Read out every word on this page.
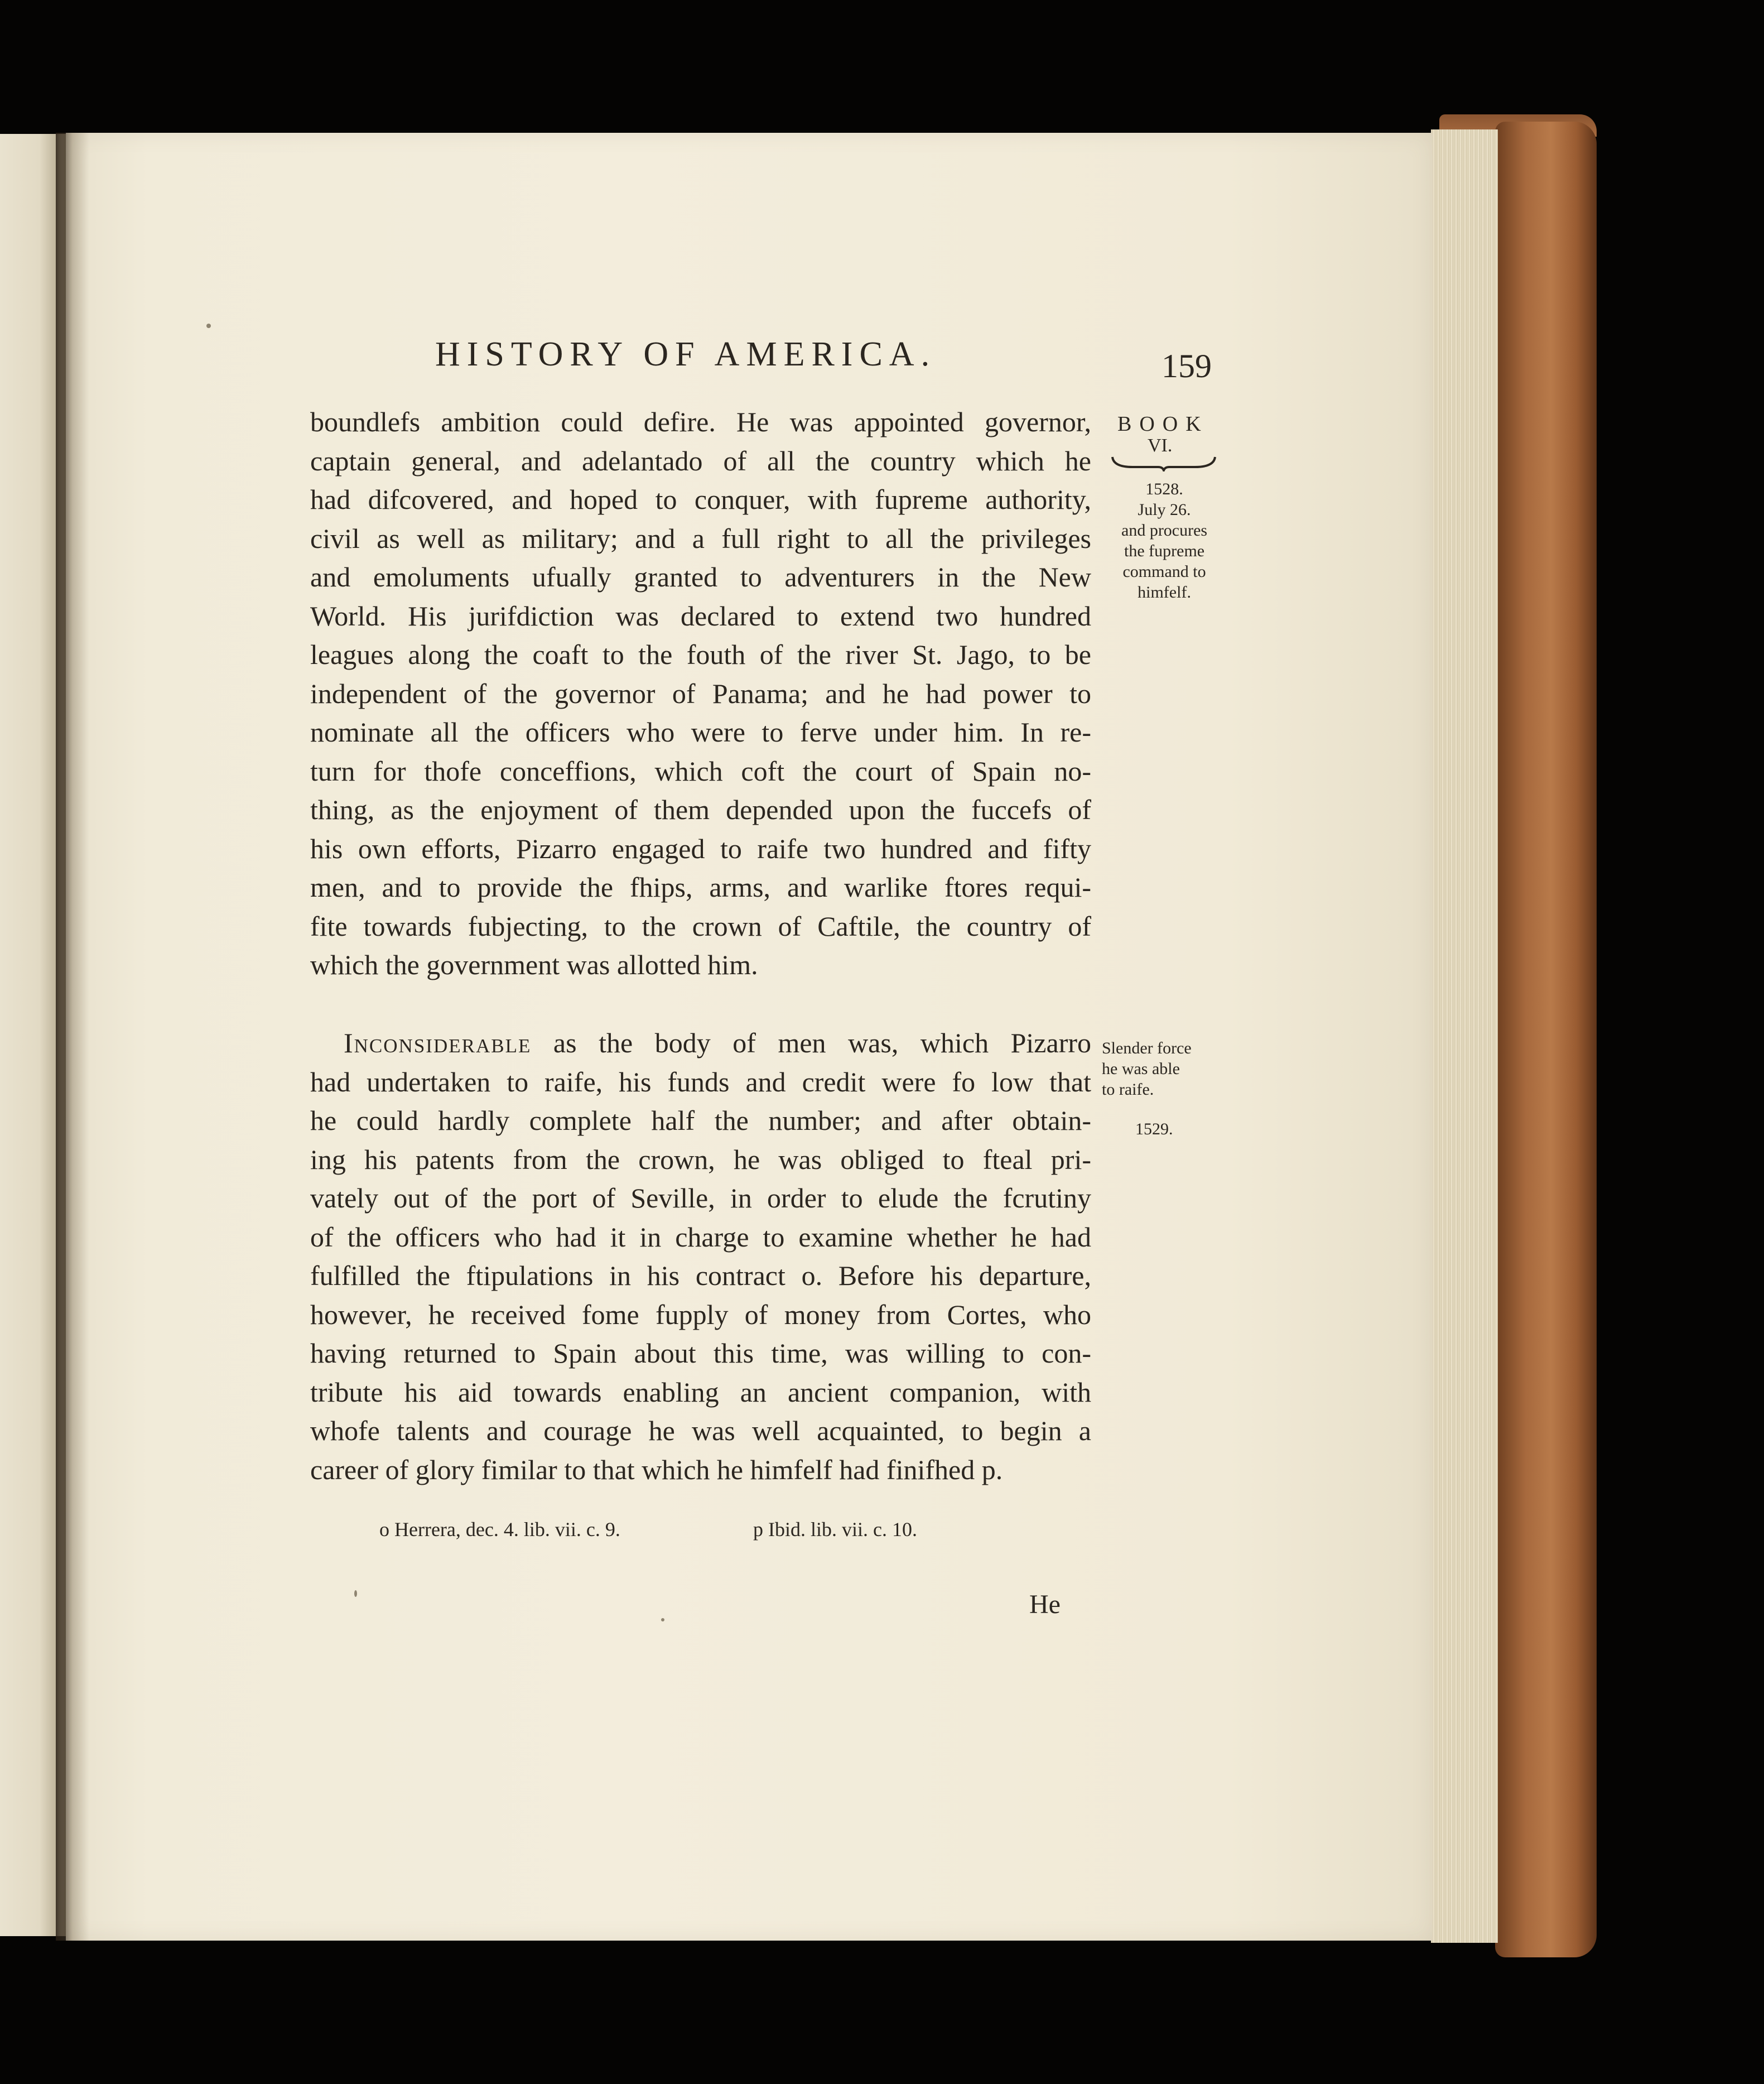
HISTORY OF AMERICA.	159
BOOK
VI.
1528.
July 26.
and procures
the fupreme
command to
himfelf.
Slender force
he was able
to raife.
1529.

boundlefs ambition could defire. He was appointed governor,
captain general, and adelantado of all the country which he
had difcovered, and hoped to conquer, with fupreme authority,
civil as well as military; and a full right to all the privileges
and emoluments ufually granted to adventurers in the New
World. His jurifdiction was declared to extend two hundred
leagues along the coaft to the fouth of the river St. Jago, to be
independent of the governor of Panama; and he had power to
nominate all the officers who were to ferve under him. In re-
turn for thofe conceffions, which coft the court of Spain no-
thing, as the enjoyment of them depended upon the fuccefs of
his own efforts, Pizarro engaged to raife two hundred and fifty
men, and to provide the fhips, arms, and warlike ftores requi-
fite towards fubjecting, to the crown of Caftile, the country of
which the government was allotted him.

Inconsiderable as the body of men was, which Pizarro
had undertaken to raife, his funds and credit were fo low that
he could hardly complete half the number; and after obtain-
ing his patents from the crown, he was obliged to fteal pri-
vately out of the port of Seville, in order to elude the fcrutiny
of the officers who had it in charge to examine whether he had
fulfilled the ftipulations in his contract o. Before his departure,
however, he received fome fupply of money from Cortes, who
having returned to Spain about this time, was willing to con-
tribute his aid towards enabling an ancient companion, with
whofe talents and courage he was well acquainted, to begin a
career of glory fimilar to that which he himfelf had finifhed p.

o Herrera, dec. 4. lib. vii. c. 9.	p Ibid. lib. vii. c. 10.
He
